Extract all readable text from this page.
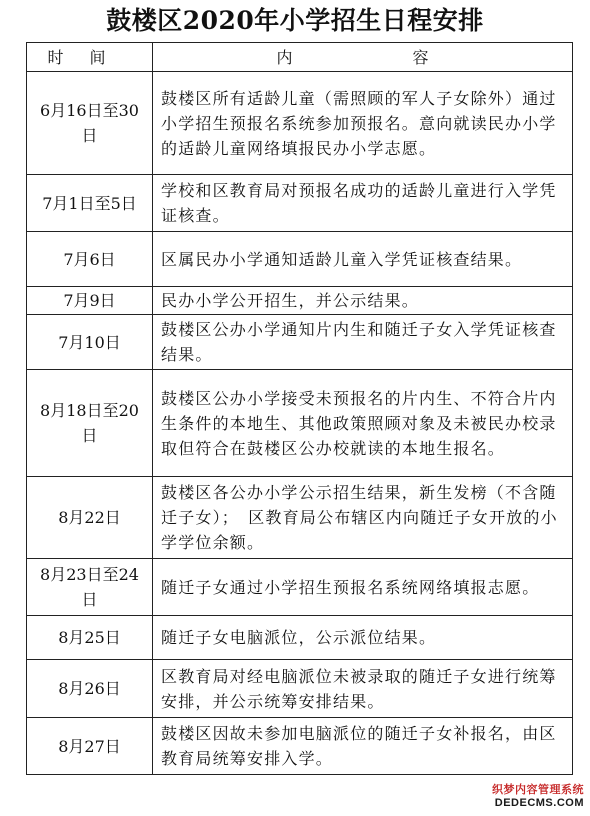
鼓楼区2020年小学招生日程安排
时间	内容
6月16日至30日	鼓楼区所有适龄儿童（需照顾的军人子女除外）通过小学招生预报名系统参加预报名。意向就读民办小学的适龄儿童网络填报民办小学志愿。
7月1日至5日	学校和区教育局对预报名成功的适龄儿童进行入学凭证核查。
7月6日	区属民办小学通知适龄儿童入学凭证核查结果。
7月9日	民办小学公开招生，并公示结果。
7月10日	鼓楼区公办小学通知片内生和随迁子女入学凭证核查结果。
8月18日至20日	鼓楼区公办小学接受未预报名的片内生、不符合片内生条件的本地生、其他政策照顾对象及未被民办校录取但符合在鼓楼区公办校就读的本地生报名。
8月22日	鼓楼区各公办小学公示招生结果，新生发榜（不含随迁子女）；　区教育局公布辖区内向随迁子女开放的小学学位余额。
8月23日至24日	随迁子女通过小学招生预报名系统网络填报志愿。
8月25日	随迁子女电脑派位，公示派位结果。
8月26日	区教育局对经电脑派位未被录取的随迁子女进行统筹安排，并公示统筹安排结果。
8月27日	鼓楼区因故未参加电脑派位的随迁子女补报名，由区教育局统筹安排入学。
织梦内容管理系统
DEDECMS.COM
